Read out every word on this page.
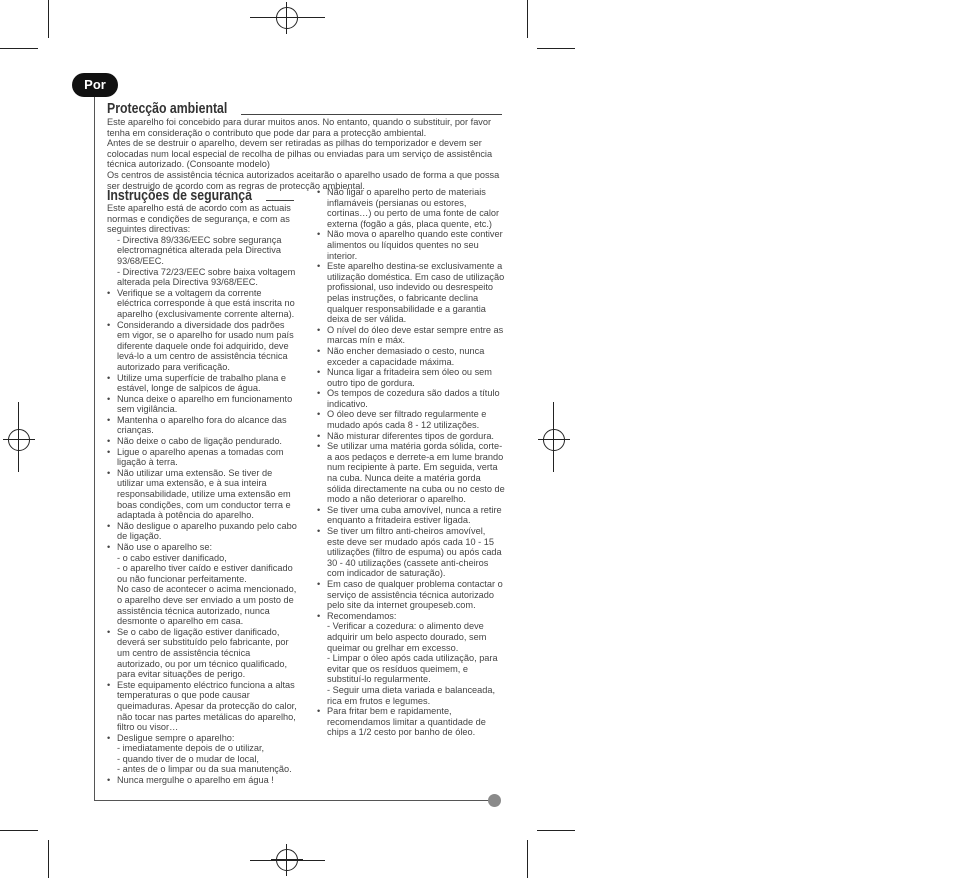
Por
Protecção ambiental

Este aparelho foi concebido para durar muitos anos. No entanto, quando o substituir, por favor tenha em consideração o contributo que pode dar para a protecção ambiental.

Antes de se destruir o aparelho, devem ser retiradas as pilhas do temporizador e devem ser colocadas num local especial de recolha de pilhas ou enviadas para um serviço de assistência técnica autorizado. (Consoante modelo)

Os centros de assistência técnica autorizados aceitarão o aparelho usado de forma a que possa ser destruido de acordo com as regras de protecção ambiental.

Instruções de segurança

Este aparelho está de acordo com as actuais normas e condições de segurança, e com as seguintes directivas:

- Directiva 89/336/EEC sobre segurança electromagnética alterada pela Directiva 93/68/EEC.

- Directiva 72/23/EEC sobre baixa voltagem alterada pela Directiva 93/68/EEC.

• Verifique se a voltagem da corrente eléctrica corresponde à que está inscrita no aparelho (exclusivamente corrente alterna).
• Considerando a diversidade dos padrões em vigor, se o aparelho for usado num país diferente daquele onde foi adquirido, deve levá-lo a um centro de assistência técnica autorizado para verificação.
• Utilize uma superfície de trabalho plana e estável, longe de salpicos de água.
• Nunca deixe o aparelho em funcionamento sem vigilância.
• Mantenha o aparelho fora do alcance das crianças.
• Não deixe o cabo de ligação pendurado.
• Ligue o aparelho apenas a tomadas com ligação à terra.
• Não utilizar uma extensão. Se tiver de utilizar uma extensão, e à sua inteira responsabilidade, utilize uma extensão em boas condições, com um conductor terra e adaptada à potência do aparelho.
• Não desligue o aparelho puxando pelo cabo de ligação.
• Não use o aparelho se:
- o cabo estiver danificado,
- o aparelho tiver caído e estiver danificado ou não funcionar perfeitamente.
No caso de acontecer o acima mencionado, o aparelho deve ser enviado a um posto de assistência técnica autorizado, nunca desmonte o aparelho em casa.
• Se o cabo de ligação estiver danificado, deverá ser substituído pelo fabricante, por um centro de assistência técnica autorizado, ou por um técnico qualificado, para evitar situações de perigo.
• Este equipamento eléctrico funciona a altas temperaturas o que pode causar queimaduras. Apesar da protecção do calor, não tocar nas partes metálicas do aparelho, filtro ou visor…
• Desligue sempre o aparelho:
- imediatamente depois de o utilizar,
- quando tiver de o mudar de local,
- antes de o limpar ou da sua manutenção.
• Nunca mergulhe o aparelho em água !
• Não ligar o aparelho perto de materiais inflamáveis (persianas ou estores, cortinas…) ou perto de uma fonte de calor externa (fogão a gás, placa quente, etc.)
• Não mova o aparelho quando este contiver alimentos ou líquidos quentes no seu interior.
• Este aparelho destina-se exclusivamente a utilização doméstica. Em caso de utilização profissional, uso indevido ou desrespeito pelas instruções, o fabricante declina qualquer responsabilidade e a garantia deixa de ser válida.
• O nível do óleo deve estar sempre entre as marcas mín e máx.
• Não encher demasiado o cesto, nunca exceder a capacidade máxima.
• Nunca ligar a fritadeira sem óleo ou sem outro tipo de gordura.
• Os tempos de cozedura são dados a título indicativo.
• O óleo deve ser filtrado regularmente e mudado após cada 8 - 12 utilizações.
• Não misturar diferentes tipos de gordura.
• Se utilizar uma matéria gorda sólida, corte-a aos pedaços e derrete-a em lume brando num recipiente à parte. Em seguida, verta na cuba. Nunca deite a matéria gorda sólida directamente na cuba ou no cesto de modo a não deteriorar o aparelho.
• Se tiver uma cuba amovível, nunca a retire enquanto a fritadeira estiver ligada.
• Se tiver um filtro anti-cheiros amovível, este deve ser mudado após cada 10 - 15 utilizações (filtro de espuma) ou após cada 30 - 40 utilizações (cassete anti-cheiros com indicador de saturação).
• Em caso de qualquer problema contactar o serviço de assistência técnica autorizado pelo site da internet groupeseb.com.
• Recomendamos:
- Verificar a cozedura: o alimento deve adquirir um belo aspecto dourado, sem queimar ou grelhar em excesso.
- Limpar o óleo após cada utilização, para evitar que os resíduos queimem, e substituí-lo regularmente.
- Seguir uma dieta variada e balanceada, rica em frutos e legumes.
• Para fritar bem e rapidamente, recomendamos limitar a quantidade de chips a 1/2 cesto por banho de óleo.
